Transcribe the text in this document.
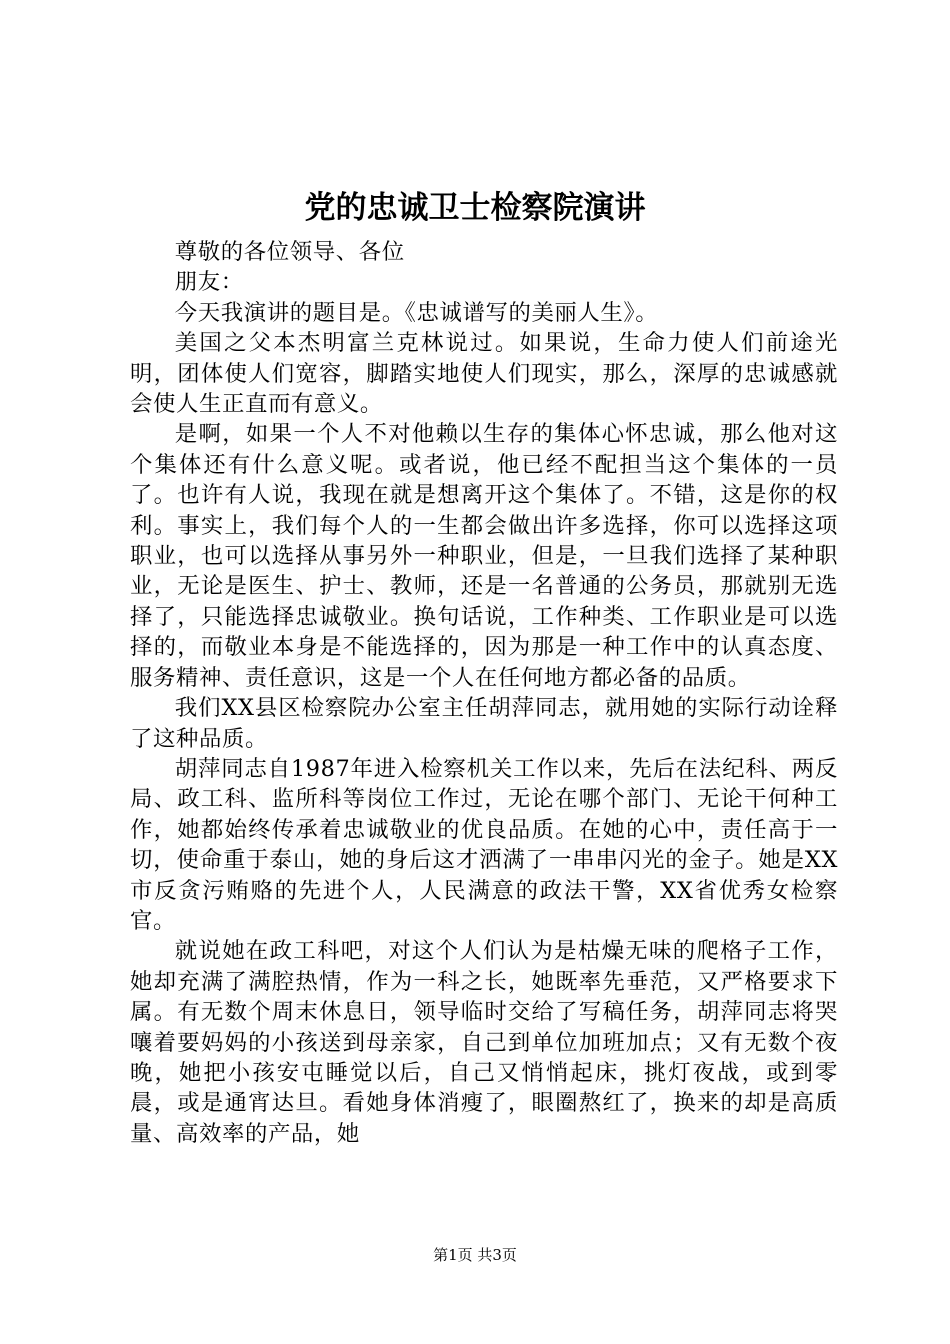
党的忠诚卫士检察院演讲
尊敬的各位领导、各位
朋友：

今天我演讲的题目是。《忠诚谱写的美丽人生》。

美国之父本杰明富兰克林说过。如果说，生命力使人们前途光明，团体使人们宽容，脚踏实地使人们现实，那么，深厚的忠诚感就会使人生正直而有意义。

是啊，如果一个人不对他赖以生存的集体心怀忠诚，那么他对这个集体还有什么意义呢。或者说，他已经不配担当这个集体的一员了。也许有人说，我现在就是想离开这个集体了。不错，这是你的权利。事实上，我们每个人的一生都会做出许多选择，你可以选择这项职业，也可以选择从事另外一种职业，但是，一旦我们选择了某种职业，无论是医生、护士、教师，还是一名普通的公务员，那就别无选择了，只能选择忠诚敬业。换句话说，工作种类、工作职业是可以选择的，而敬业本身是不能选择的，因为那是一种工作中的认真态度、服务精神、责任意识，这是一个人在任何地方都必备的品质。

我们XX县区检察院办公室主任胡萍同志，就用她的实际行动诠释了这种品质。

胡萍同志自1987年进入检察机关工作以来，先后在法纪科、两反局、政工科、监所科等岗位工作过，无论在哪个部门、无论干何种工作，她都始终传承着忠诚敬业的优良品质。在她的心中，责任高于一切，使命重于泰山，她的身后这才洒满了一串串闪光的金子。她是XX市反贪污贿赂的先进个人，人民满意的政法干警，XX省优秀女检察官。

就说她在政工科吧，对这个人们认为是枯燥无味的爬格子工作，她却充满了满腔热情，作为一科之长，她既率先垂范，又严格要求下属。有无数个周末休息日，领导临时交给了写稿任务，胡萍同志将哭嚷着要妈妈的小孩送到母亲家，自己到单位加班加点；又有无数个夜晚，她把小孩安屯睡觉以后，自己又悄悄起床，挑灯夜战，或到零晨，或是通宵达旦。看她身体消瘦了，眼圈熬红了，换来的却是高质量、高效率的产品，她

第1页 共3页
